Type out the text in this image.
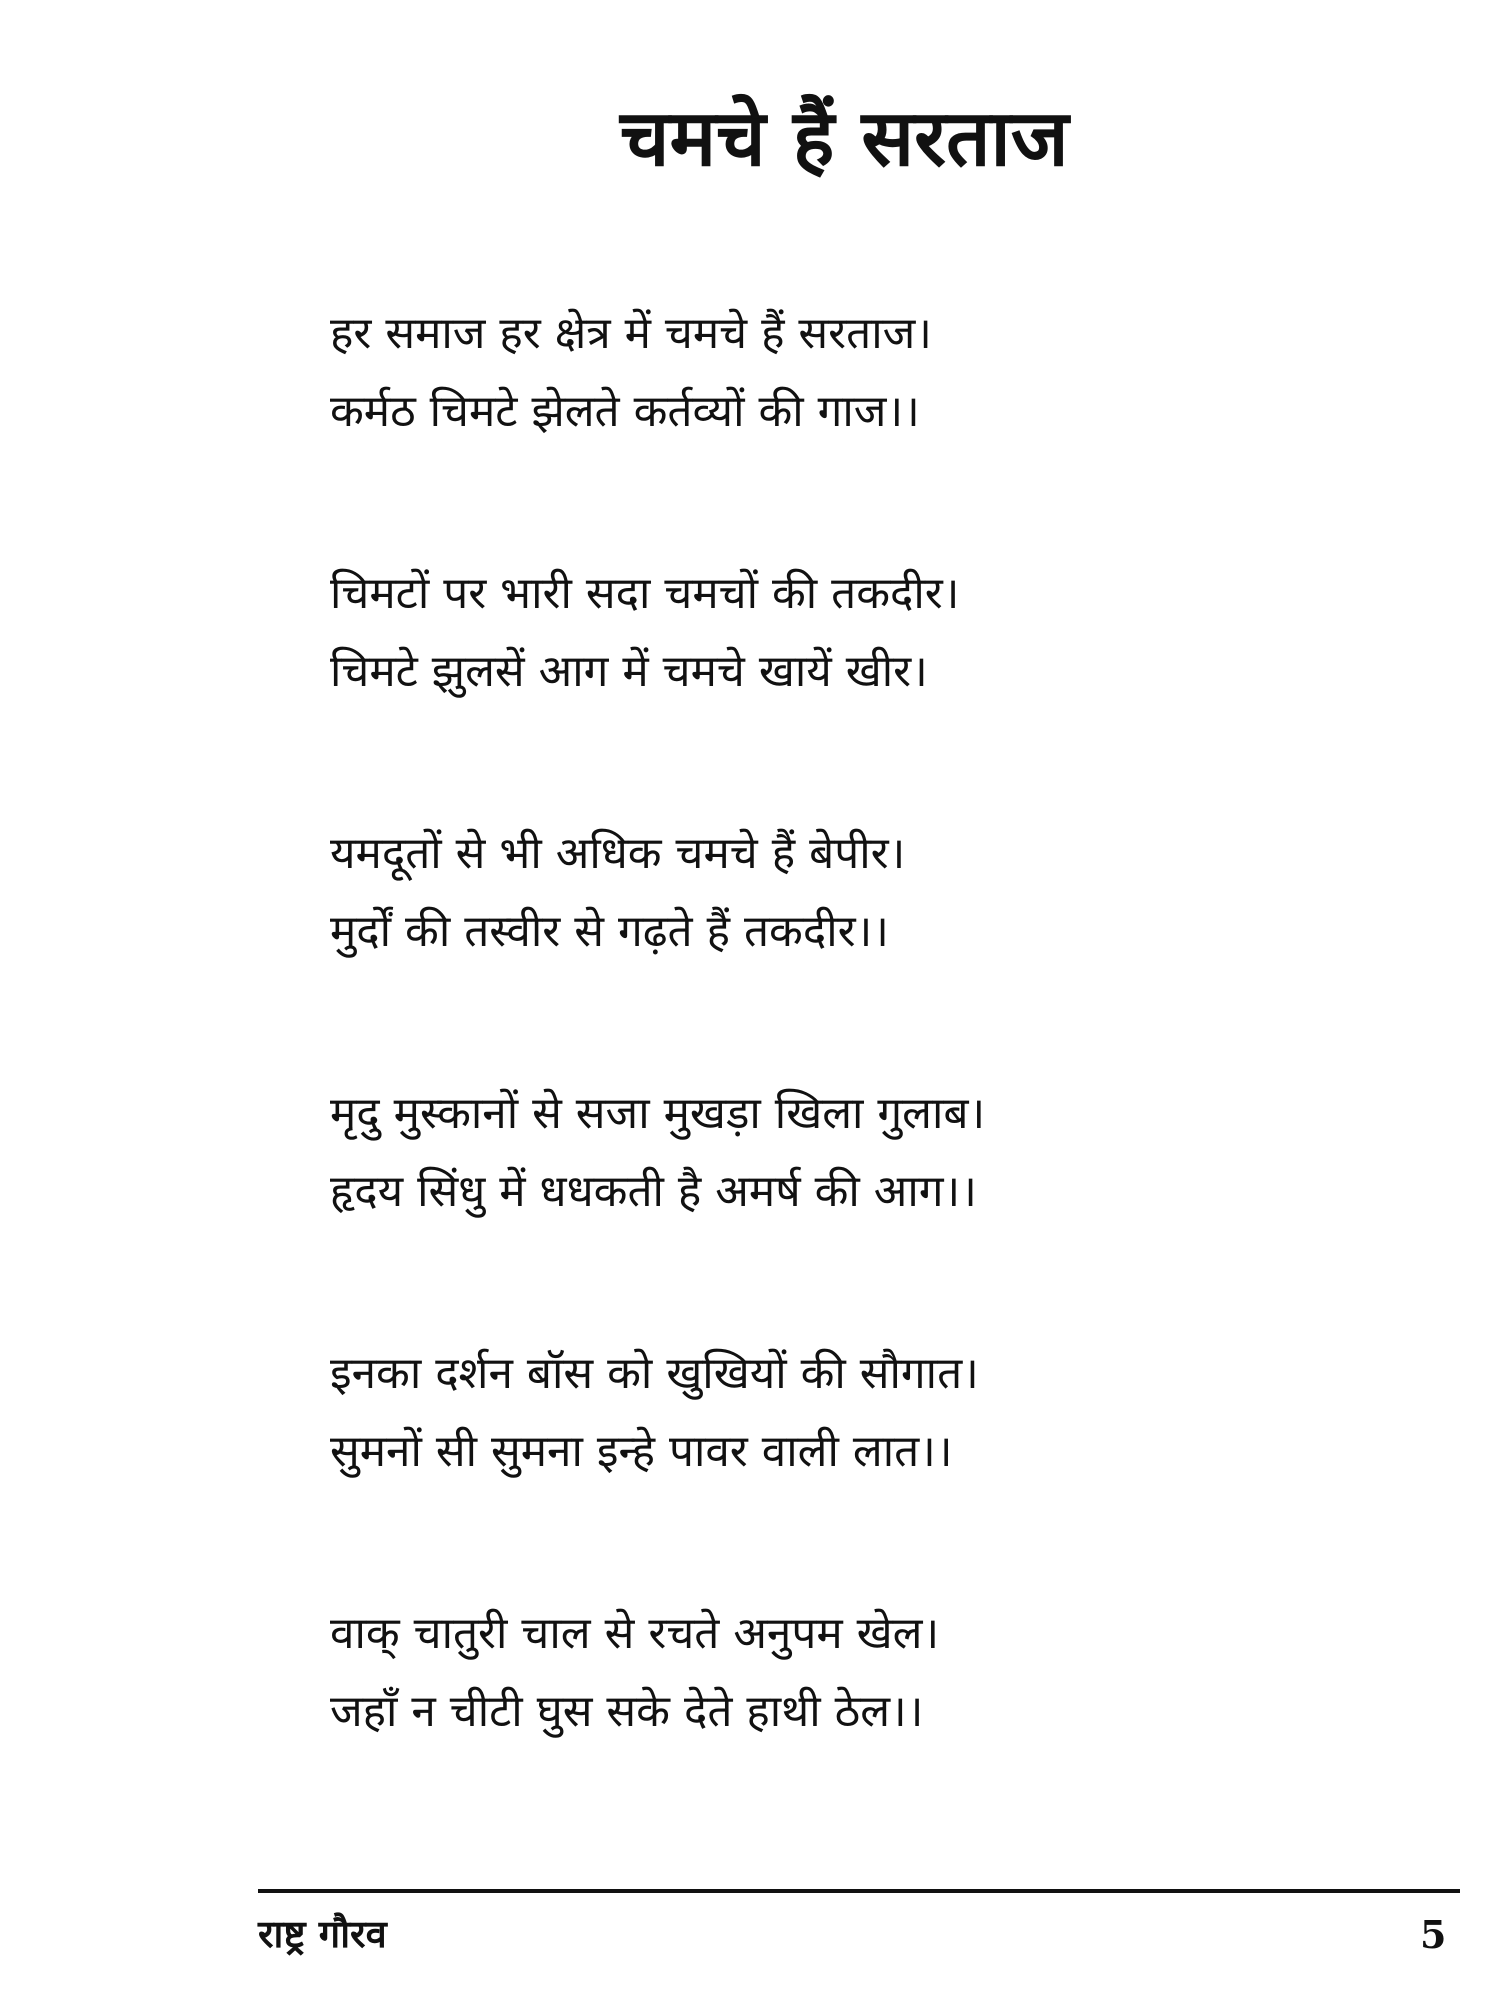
चमचे हैं सरताज
हर समाज हर क्षेत्र में चमचे हैं सरताज।
कर्मठ चिमटे झेलते कर्तव्यों की गाज।।
चिमटों पर भारी सदा चमचों की तकदीर।
चिमटे झुलसें आग में चमचे खायें खीर।
यमदूतों से भी अधिक चमचे हैं बेपीर।
मुर्दों की तस्वीर से गढ़ते हैं तकदीर।।
मृदु मुस्कानों से सजा मुखड़ा खिला गुलाब।
हृदय सिंधु में धधकती है अमर्ष की आग।।
इनका दर्शन बॉस को खुखियों की सौगात।
सुमनों सी सुमना इन्हे पावर वाली लात।।
वाक् चातुरी चाल से रचते अनुपम खेल।
जहाँ न चीटी घुस सके देते हाथी ठेल।।
राष्ट्र गौरव	5
